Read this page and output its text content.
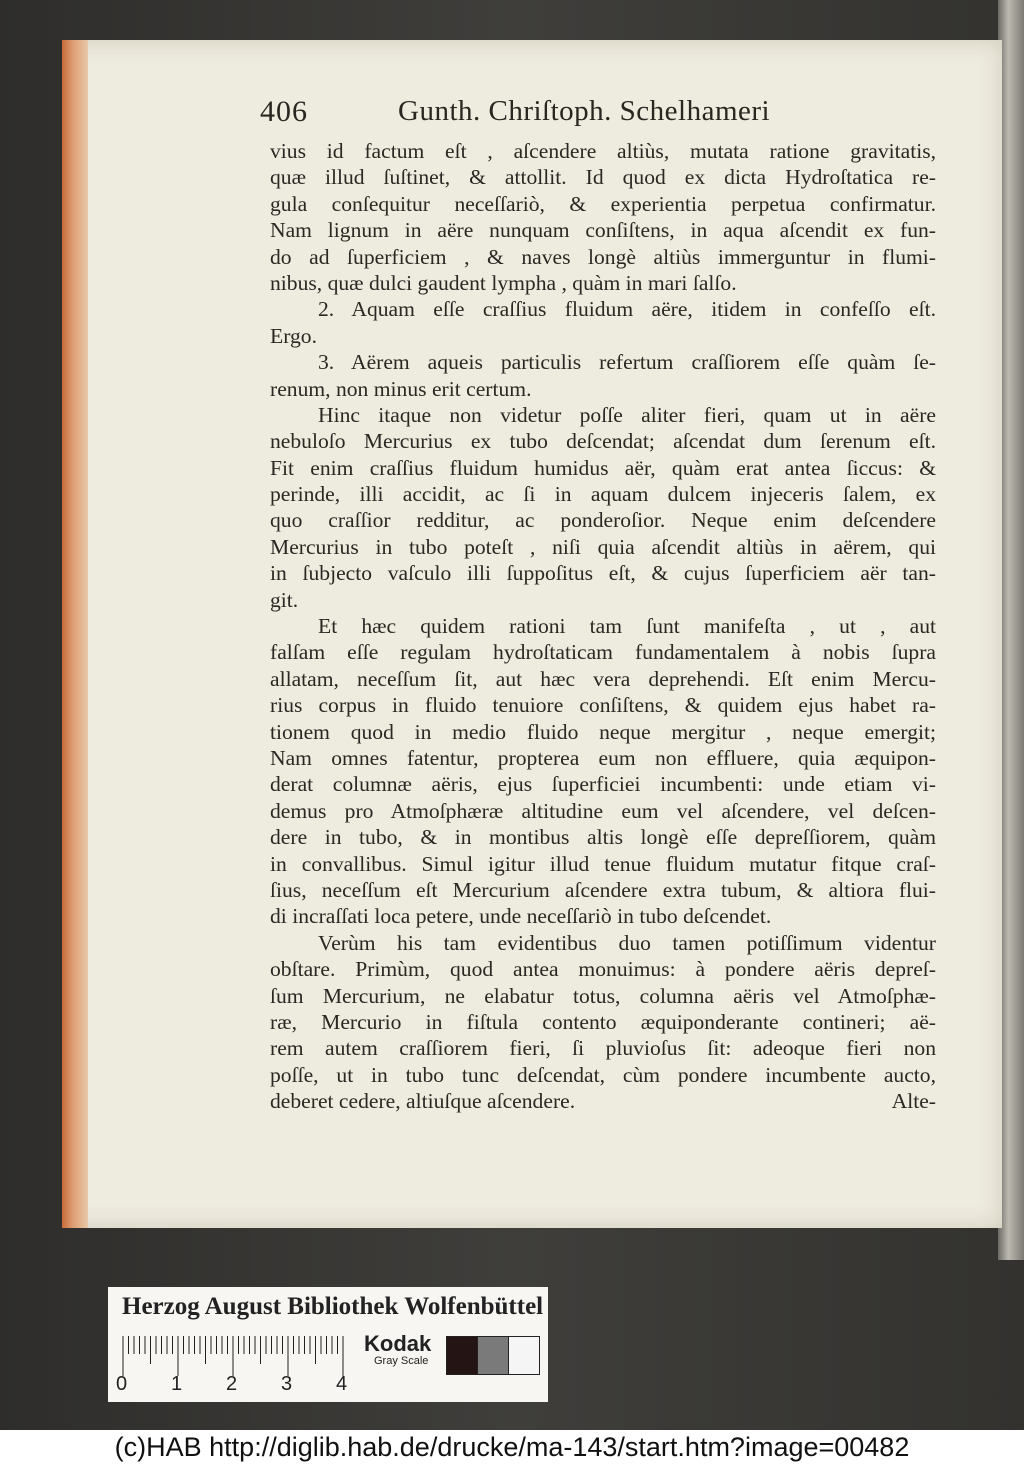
406	Gunth. Chriſtoph. Schelhameri
vius id factum eſt , aſcendere altiùs, mutata ratione gravitatis,
quæ illud ſuſtinet, & attollit. Id quod ex dicta Hydroſtatica re-
gula conſequitur neceſſariò, & experientia perpetua confirmatur.
Nam lignum in aëre nunquam conſiſtens, in aqua aſcendit ex fun-
do ad ſuperficiem , & naves longè altiùs immerguntur in flumi-
nibus, quæ dulci gaudent lympha , quàm in mari ſalſo.
2. Aquam eſſe craſſius fluidum aëre, itidem in confeſſo eſt.
Ergo.
3. Aërem aqueis particulis refertum craſſiorem eſſe quàm ſe-
renum, non minus erit certum.
Hinc itaque non videtur poſſe aliter fieri, quam ut in aëre
nebuloſo Mercurius ex tubo deſcendat; aſcendat dum ſerenum eſt.
Fit enim craſſius fluidum humidus aër, quàm erat antea ſiccus: &
perinde, illi accidit, ac ſi in aquam dulcem injeceris ſalem, ex
quo craſſior redditur, ac ponderoſior. Neque enim deſcendere
Mercurius in tubo poteſt , niſi quia aſcendit altiùs in aërem, qui
in ſubjecto vaſculo illi ſuppoſitus eſt, & cujus ſuperficiem aër tan-
git.
Et hæc quidem rationi tam ſunt manifeſta , ut , aut
falſam eſſe regulam hydroſtaticam fundamentalem à nobis ſupra
allatam, neceſſum ſit, aut hæc vera deprehendi. Eſt enim Mercu-
rius corpus in fluido tenuiore conſiſtens, & quidem ejus habet ra-
tionem quod in medio fluido neque mergitur , neque emergit;
Nam omnes fatentur, propterea eum non effluere, quia æquipon-
derat columnæ aëris, ejus ſuperficiei incumbenti: unde etiam vi-
demus pro Atmoſphæræ altitudine eum vel aſcendere, vel deſcen-
dere in tubo, & in montibus altis longè eſſe depreſſiorem, quàm
in convallibus. Simul igitur illud tenue fluidum mutatur fitque craſ-
ſius, neceſſum eſt Mercurium aſcendere extra tubum, & altiora flui-
di incraſſati loca petere, unde neceſſariò in tubo deſcendet.
Verùm his tam evidentibus duo tamen potiſſimum videntur
obſtare. Primùm, quod antea monuimus: à pondere aëris depreſ-
ſum Mercurium, ne elabatur totus, columna aëris vel Atmoſphæ-
ræ, Mercurio in fiſtula contento æquiponderante contineri; aë-
rem autem craſſiorem fieri, ſi pluvioſus ſit: adeoque fieri non
poſſe, ut in tubo tunc deſcendat, cùm pondere incumbente aucto,
deberet cedere, altiuſque aſcendere.	Alte-
Herzog August Bibliothek Wolfenbüttel
0 1 2 3 4
Kodak
Gray Scale
(c)HAB http://diglib.hab.de/drucke/ma-143/start.htm?image=00482
